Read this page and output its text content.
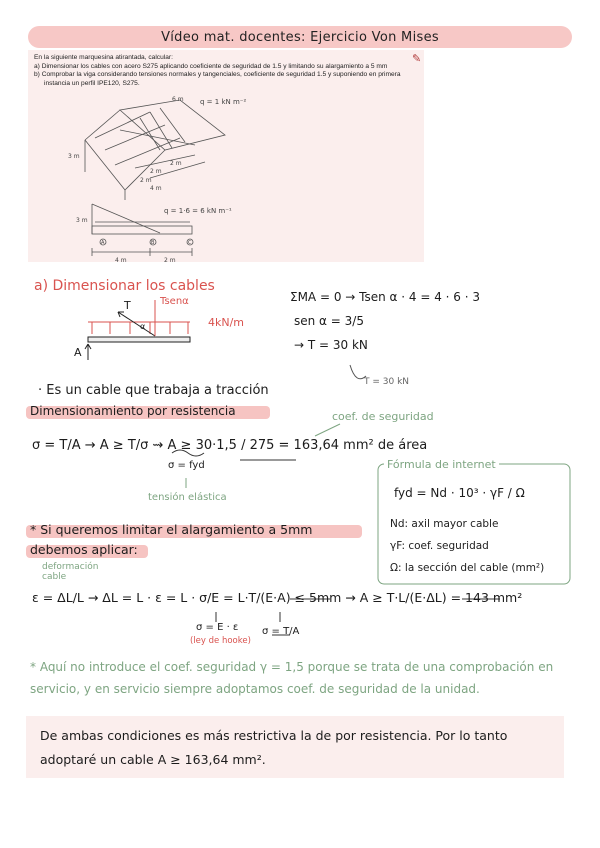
Vídeo mat. docentes: Ejercicio Von Mises

En la siguiente marquesina atirantada, calcular:

a) Dimensionar los cables con acero S275 aplicando coeficiente de seguridad de 1.5 y limitando su alargamiento a 5 mm

b) Comprobar la viga considerando tensiones normales y tangenciales, coeficiente de seguridad 1.5 y suponiendo en primera instancia un perfil IPE120, S275.

✎
q = 1 kN m⁻²
6 m
3 m
2 m
2 m
2 m
4 m
3 m
q = 1·6 = 6 kN m⁻¹
A	B	C
4 m	2 m
a) Dimensionar los cables
T	Tsenα
α	4kN/m
A
ΣMA = 0 → Tsen α · 4 = 4 · 6 · 3
sen α = 3/5
→ T = 30 kN
T = 30 kN
· Es un cable que trabaja a tracción
Dimensionamiento por resistencia	coef. de seguridad
σ = T/A → A ≥ T/σ ⇝ A ≥ 30·1,5 / 275 = 163,64 mm² de área
σ = fyd
tensión elástica
Fórmula de internet
fyd = Nd · 10³ · γF / Ω
Nd: axil mayor cable
γF: coef. seguridad
Ω: la sección del cable (mm²)
* Si queremos limitar el alargamiento a 5mm
debemos aplicar:
deformación cable
ε = ΔL/L → ΔL = L · ε = L · σ/E = L·T/(E·A) ≤ 5mm → A ≥ T·L/(E·ΔL) = 143 mm²
σ = E · ε
(ley de hooke)
σ = T/A
* Aquí no introduce el coef. seguridad γ = 1,5 porque se trata de una comprobación en servicio, y en servicio siempre adoptamos coef. de seguridad de la unidad.
De ambas condiciones es más restrictiva la de por resistencia. Por lo tanto adoptaré un cable A ≥ 163,64 mm².
